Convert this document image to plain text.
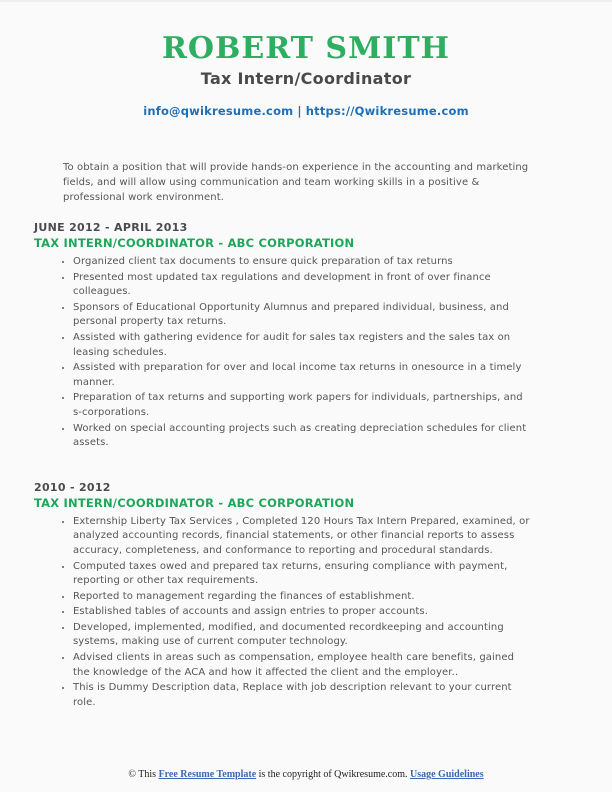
ROBERT SMITH
Tax Intern/Coordinator
info@qwikresume.com | https://Qwikresume.com

To obtain a position that will provide hands-on experience in the accounting and marketing fields, and will allow using communication and team working skills in a positive & professional work environment.

JUNE 2012 - APRIL 2013
TAX INTERN/COORDINATOR - ABC CORPORATION
• Organized client tax documents to ensure quick preparation of tax returns
• Presented most updated tax regulations and development in front of over finance colleagues.
• Sponsors of Educational Opportunity Alumnus and prepared individual, business, and personal property tax returns.
• Assisted with gathering evidence for audit for sales tax registers and the sales tax on leasing schedules.
• Assisted with preparation for over and local income tax returns in onesource in a timely manner.
• Preparation of tax returns and supporting work papers for individuals, partnerships, and s-corporations.
• Worked on special accounting projects such as creating depreciation schedules for client assets.
2010 - 2012
TAX INTERN/COORDINATOR - ABC CORPORATION
• Externship Liberty Tax Services , Completed 120 Hours Tax Intern Prepared, examined, or analyzed accounting records, financial statements, or other financial reports to assess accuracy, completeness, and conformance to reporting and procedural standards.
• Computed taxes owed and prepared tax returns, ensuring compliance with payment, reporting or other tax requirements.
• Reported to management regarding the finances of establishment.
• Established tables of accounts and assign entries to proper accounts.
• Developed, implemented, modified, and documented recordkeeping and accounting systems, making use of current computer technology.
• Advised clients in areas such as compensation, employee health care benefits, gained the knowledge of the ACA and how it affected the client and the employer..
• This is Dummy Description data, Replace with job description relevant to your current role.
© This Free Resume Template is the copyright of Qwikresume.com. Usage Guidelines
